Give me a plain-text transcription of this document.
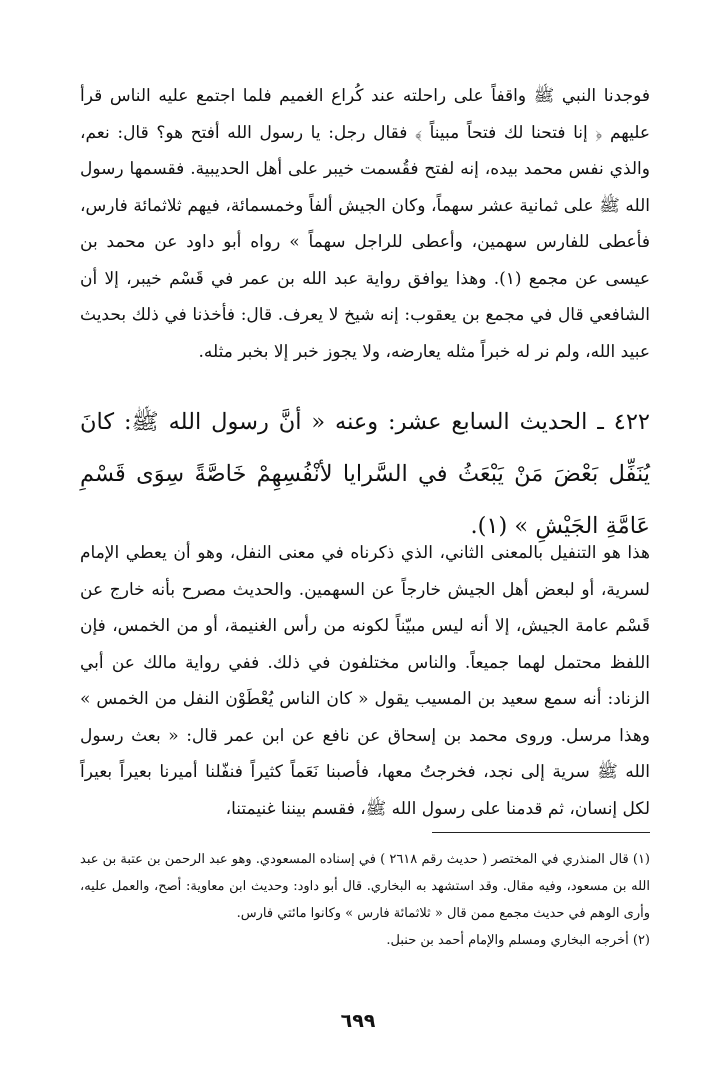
فوجدنا النبي ﷺ واقفاً على راحلته عند كُراع الغميم فلما اجتمع عليه الناس قرأ عليهم ﴿ إنا فتحنا لك فتحاً مبيناً ﴾ فقال رجل: يا رسول الله أفتح هو؟ قال: نعم، والذي نفس محمد بيده، إنه لفتح فقُسمت خيبر على أهل الحديبية. فقسمها رسول الله ﷺ على ثمانية عشر سهماً، وكان الجيش ألفاً وخمسمائة، فيهم ثلاثمائة فارس، فأعطى للفارس سهمين، وأعطى للراجل سهماً » رواه أبو داود عن محمد بن عيسى عن مجمع (١). وهذا يوافق رواية عبد الله بن عمر في قَسْم خيبر، إلا أن الشافعي قال في مجمع بن يعقوب: إنه شيخ لا يعرف. قال: فأخذنا في ذلك بحديث عبيد الله، ولم نر له خبراً مثله يعارضه، ولا يجوز خبر إلا بخبر مثله.

٤٢٢ ـ الحديث السابع عشر: وعنه « أنَّ رسول الله ﷺ: كانَ يُنَفِّل بَعْضَ مَنْ يَبْعَثُ في السَّرايا لأنْفُسِهِمْ خَاصَّةً سِوَى قَسْمِ عَامَّةِ الجَيْشِ » (١).

هذا هو التنفيل بالمعنى الثاني، الذي ذكرناه في معنى النفل، وهو أن يعطي الإمام لسرية، أو لبعض أهل الجيش خارجاً عن السهمين. والحديث مصرح بأنه خارج عن قَسْم عامة الجيش، إلا أنه ليس مبيّناً لكونه من رأس الغنيمة، أو من الخمس، فإن اللفظ محتمل لهما جميعاً. والناس مختلفون في ذلك. ففي رواية مالك عن أبي الزناد: أنه سمع سعيد بن المسيب يقول « كان الناس يُعْطَوْن النفل من الخمس » وهذا مرسل. وروى محمد بن إسحاق عن نافع عن ابن عمر قال: « بعث رسول الله ﷺ سرية إلى نجد، فخرجتُ معها، فأصبنا نَعَماً كثيراً فنفّلنا أميرنا بعيراً بعيراً لكل إنسان، ثم قدمنا على رسول الله ﷺ، فقسم بيننا غنيمتنا،

(١) قال المنذري في المختصر ( حديث رقم ٢٦١٨ ) في إسناده المسعودي. وهو عبد الرحمن بن عتبة بن عبد الله بن مسعود، وفيه مقال. وقد استشهد به البخاري. قال أبو داود: وحديث ابن معاوية: أصح، والعمل عليه، وأرى الوهم في حديث مجمع ممن قال « ثلاثمائة فارس » وكانوا مائتي فارس.

(٢) أخرجه البخاري ومسلم والإمام أحمد بن حنبل.

٦٩٩
